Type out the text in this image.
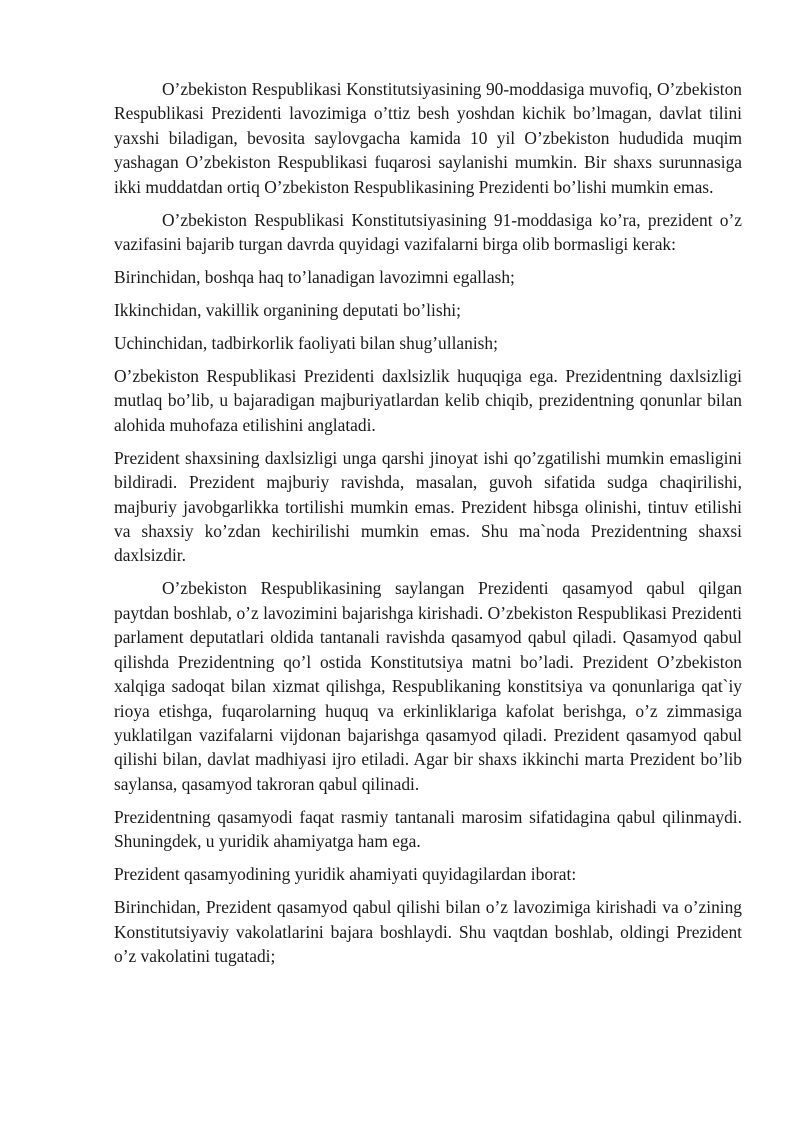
O’zbekiston Respublikasi Konstitutsiyasining 90-moddasiga muvofiq, O’zbekiston Respublikasi Prezidenti lavozimiga o’ttiz besh yoshdan kichik bo’lmagan, davlat tilini yaxshi biladigan, bevosita saylovgacha kamida 10 yil O’zbekiston hududida muqim yashagan O’zbekiston Respublikasi fuqarosi saylanishi mumkin. Bir shaxs surunnasiga ikki muddatdan ortiq O’zbekiston Respublikasining Prezidenti bo’lishi mumkin emas.

O’zbekiston Respublikasi Konstitutsiyasining 91-moddasiga ko’ra, prezident o’z vazifasini bajarib turgan davrda quyidagi vazifalarni birga olib bormasligi kerak:

Birinchidan, boshqa haq to’lanadigan lavozimni egallash;

Ikkinchidan, vakillik organining deputati bo’lishi;

Uchinchidan, tadbirkorlik faoliyati bilan shug’ullanish;

O’zbekiston Respublikasi Prezidenti daxlsizlik huquqiga ega. Prezidentning daxlsizligi mutlaq bo’lib, u bajaradigan majburiyatlardan kelib chiqib, prezidentning qonunlar bilan alohida muhofaza etilishini anglatadi.

Prezident shaxsining daxlsizligi unga qarshi jinoyat ishi qo’zgatilishi mumkin emasligini bildiradi. Prezident majburiy ravishda, masalan, guvoh sifatida sudga chaqirilishi, majburiy javobgarlikka tortilishi mumkin emas. Prezident hibsga olinishi, tintuv etilishi va shaxsiy ko’zdan kechirilishi mumkin emas. Shu ma`noda Prezidentning shaxsi daxlsizdir.

O’zbekiston Respublikasining saylangan Prezidenti qasamyod qabul qilgan paytdan boshlab, o’z lavozimini bajarishga kirishadi. O’zbekiston Respublikasi Prezidenti parlament deputatlari oldida tantanali ravishda qasamyod qabul qiladi. Qasamyod qabul qilishda Prezidentning qo’l ostida Konstitutsiya matni bo’ladi. Prezident O’zbekiston xalqiga sadoqat bilan xizmat qilishga, Respublikaning konstitsiya va qonunlariga qat`iy rioya etishga, fuqarolarning huquq va erkinliklariga kafolat berishga, o’z zimmasiga yuklatilgan vazifalarni vijdonan bajarishga qasamyod qiladi. Prezident qasamyod qabul qilishi bilan, davlat madhiyasi ijro etiladi. Agar bir shaxs ikkinchi marta Prezident bo’lib saylansa, qasamyod takroran qabul qilinadi.

Prezidentning qasamyodi faqat rasmiy tantanali marosim sifatidagina qabul qilinmaydi. Shuningdek, u yuridik ahamiyatga ham ega.

Prezident qasamyodining yuridik ahamiyati quyidagilardan iborat:

Birinchidan, Prezident qasamyod qabul qilishi bilan o’z lavozimiga kirishadi va o’zining Konstitutsiyaviy vakolatlarini bajara boshlaydi. Shu vaqtdan boshlab, oldingi Prezident o’z vakolatini tugatadi;
